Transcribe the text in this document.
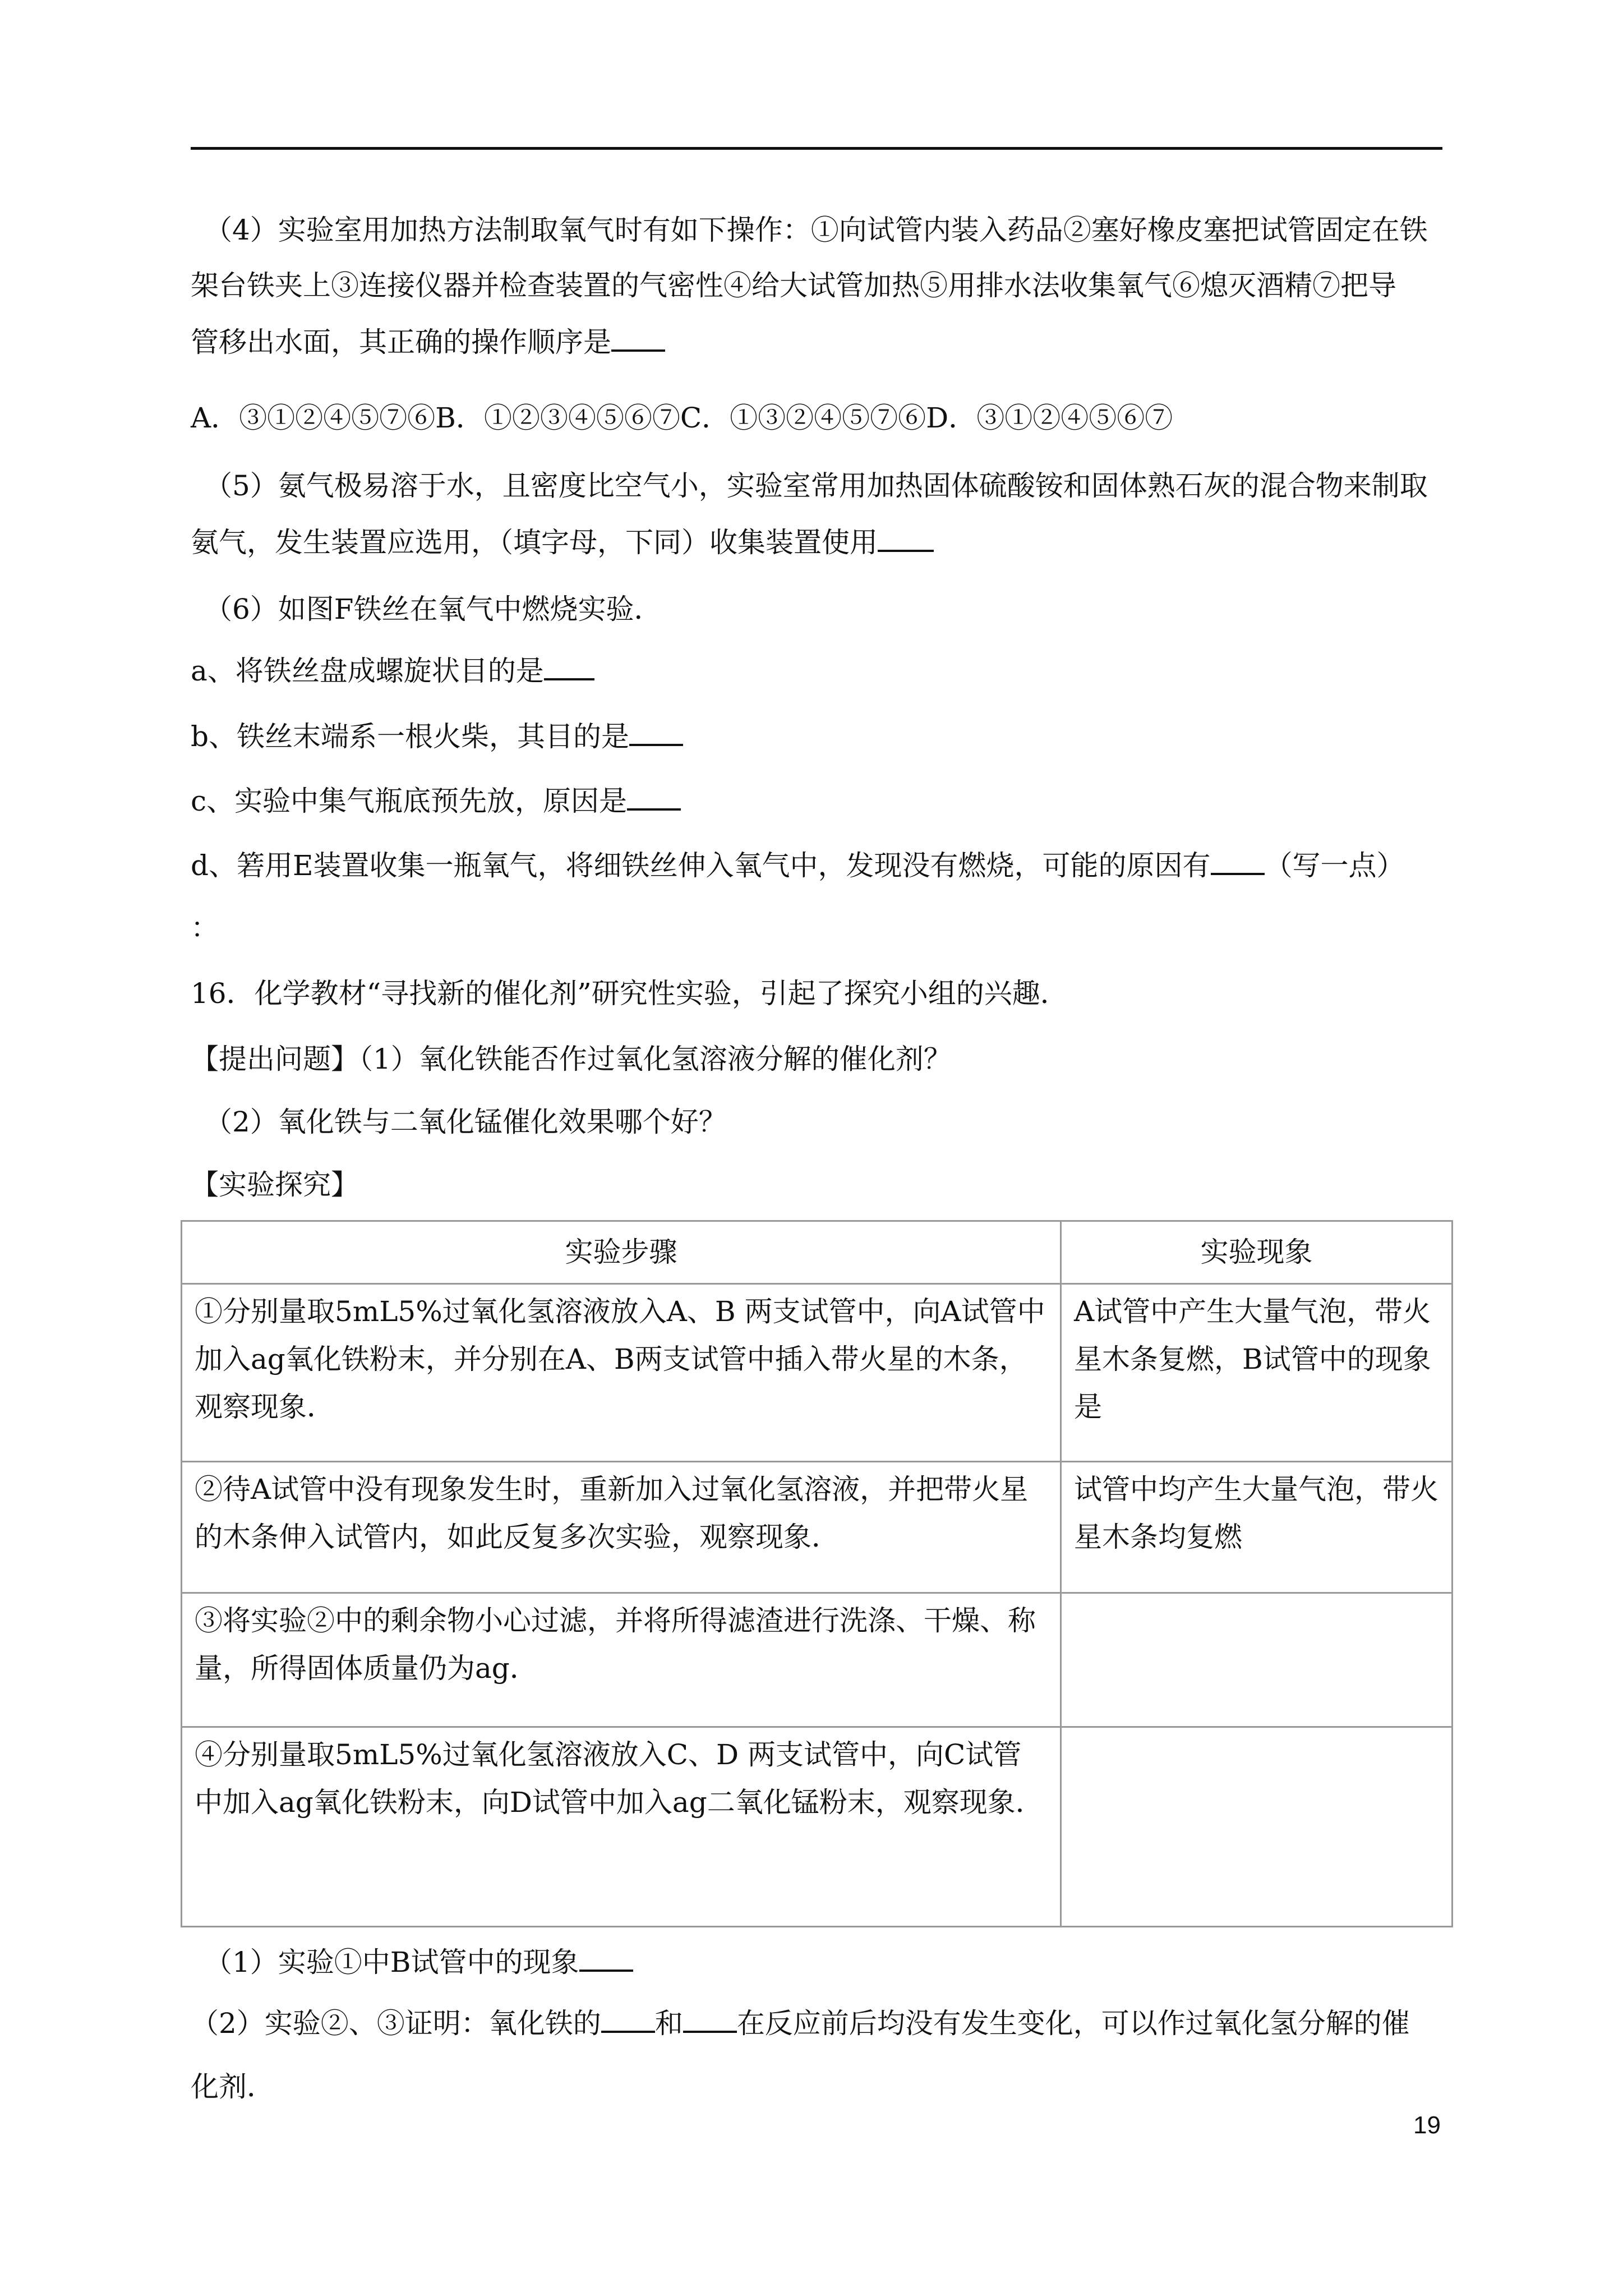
（4）实验室用加热方法制取氧气时有如下操作：①向试管内装入药品②塞好橡皮塞把试管固定在铁
架台铁夹上③连接仪器并检查装置的气密性④给大试管加热⑤用排水法收集氧气⑥熄灭酒精⑦把导
管移出水面，其正确的操作顺序是
A．③①②④⑤⑦⑥B．①②③④⑤⑥⑦C．①③②④⑤⑦⑥D．③①②④⑤⑥⑦
（5）氨气极易溶于水，且密度比空气小，实验室常用加热固体硫酸铵和固体熟石灰的混合物来制取
氨气，发生装置应选用，（填字母，下同）收集装置使用
（6）如图F铁丝在氧气中燃烧实验．
a、将铁丝盘成螺旋状目的是
b、铁丝末端系一根火柴，其目的是
c、实验中集气瓶底预先放，原因是
d、箬用E装置收集一瓶氧气，将细铁丝伸入氧气中，发现没有燃烧，可能的原因有 （写一点）
：
16．化学教材“寻找新的催化剂”研究性实验，引起了探究小组的兴趣．
【提出问题】（1）氧化铁能否作过氧化氢溶液分解的催化剂？
（2）氧化铁与二氧化锰催化效果哪个好？
【实验探究】
实验步骤	实验现象
①分别量取5mL5%过氧化氢溶液放入A、B 两支试管中，向A试管中加入ag氧化铁粉末，并分别在A、B两支试管中插入带火星的木条，观察现象．	A试管中产生大量气泡，带火星木条复燃，B试管中的现象是
②待A试管中没有现象发生时，重新加入过氧化氢溶液，并把带火星的木条伸入试管内，如此反复多次实验，观察现象．	试管中均产生大量气泡，带火星木条均复燃
③将实验②中的剩余物小心过滤，并将所得滤渣进行洗涤、干燥、称量，所得固体质量仍为ag．	
④分别量取5mL5%过氧化氢溶液放入C、D 两支试管中，向C试管中加入ag氧化铁粉末，向D试管中加入ag二氧化锰粉末，观察现象．	
（1）实验①中B试管中的现象
（2）实验②、③证明：氧化铁的 和 在反应前后均没有发生变化，可以作过氧化氢分解的催
化剂．
19
